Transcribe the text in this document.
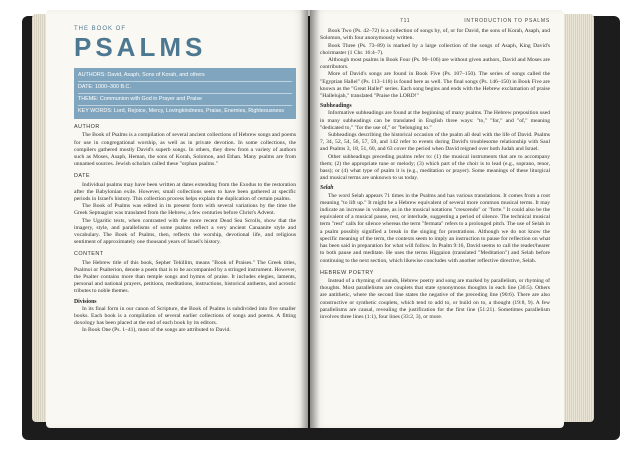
THE BOOK OF
PSALMS
AUTHORS: David, Asaph, Sons of Korah, and others
DATE: 1000–300 B.C.
THEME: Communion with God in Prayer and Praise
KEY WORDS: Lord, Rejoice, Mercy, Lovingkindness, Praise, Enemies, Righteousness
AUTHOR

The Book of Psalms is a compilation of several ancient collections of Hebrew songs and poems for use in congregational worship, as well as in private devotion. In some collections, the compilers gathered mostly David's superb songs. In others, they drew from a variety of authors such as Moses, Asaph, Heman, the sons of Korah, Solomon, and Ethan. Many psalms are from unnamed sources. Jewish scholars called these "orphan psalms."

DATE

Individual psalms may have been written at dates extending from the Exodus to the restoration after the Babylonian exile. However, small collections seem to have been gathered at specific periods in Israel's history. This collection process helps explain the duplication of certain psalms.

The Book of Psalms was edited in its present form with several variations by the time the Greek Septuagint was translated from the Hebrew, a few centuries before Christ's Advent.

The Ugaritic texts, when contrasted with the more recent Dead Sea Scrolls, show that the imagery, style, and parallelisms of some psalms reflect a very ancient Canaanite style and vocabulary. The Book of Psalms, then, reflects the worship, devotional life, and religious sentiment of approximately one thousand years of Israel's history.

CONTENT

The Hebrew title of this book, Sepher Tehillim, means "Book of Praises." The Greek titles, Psalmoi or Psalterion, denote a poem that is to be accompanied by a stringed instrument. However, the Psalter contains more than temple songs and hymns of praise. It includes elegies, laments, personal and national prayers, petitions, meditations, instructions, historical anthems, and acrostic tributes to noble themes.

Divisions

In its final form in our canon of Scripture, the Book of Psalms is subdivided into five smaller books. Each book is a compilation of several earlier collections of songs and poems. A fitting doxology has been placed at the end of each book by its editors.

In Book One (Ps. 1–41), most of the songs are attributed to David.

711	INTRODUCTION TO PSALMS

Book Two (Ps. 42–72) is a collection of songs by, of, or for David, the sons of Korah, Asaph, and Solomon, with four anonymously written.

Book Three (Ps. 73–89) is marked by a large collection of the songs of Asaph, King David's choirmaster (1 Chr. 16:4–7).

Although most psalms in Book Four (Ps. 90–106) are without given authors, David and Moses are contributors.

More of David's songs are found in Book Five (Ps. 107–150). The series of songs called the "Egyptian Hallel" (Ps. 113–118) is found here as well. The final songs (Ps. 146–150) in Book Five are known as the "Great Hallel" series. Each song begins and ends with the Hebrew exclamation of praise "Hallelujah," translated "Praise the LORD!"

Subheadings

Informative subheadings are found at the beginning of many psalms. The Hebrew preposition used in many subheadings can be translated in English three ways: "to," "for," and "of," meaning "dedicated to," "for the use of," or "belonging to."

Subheadings describing the historical occasion of the psalm all deal with the life of David. Psalms 7, 34, 52, 54, 56, 57, 59, and 142 refer to events during David's troublesome relationship with Saul and Psalms 3, 18, 51, 60, and 63 cover the period when David reigned over both Judah and Israel.

Other subheadings preceding psalms refer to: (1) the musical instruments that are to accompany them; (2) the appropriate tune or melody; (3) which part of the choir is to lead (e.g., soprano, tenor, bass); or (4) what type of psalm it is (e.g., meditation or prayer). Some meanings of these liturgical and musical terms are unknown to us today.

Selah

The word Selah appears 71 times in the Psalms and has various translations. It comes from a root meaning "to lift up." It might be a Hebrew equivalent of several more common musical terms. It may indicate an increase in volume, as in the musical notations "crescendo" or "forte." It could also be the equivalent of a musical pause, rest, or interlude, suggesting a period of silence. The technical musical term "rest" calls for silence whereas the term "fermata" refers to a prolonged pitch. The use of Selah in a psalm possibly signified a break in the singing for prostrations. Although we do not know the specific meaning of the term, the contexts seem to imply an instruction to pause for reflection on what has been said in preparation for what will follow. In Psalm 9:16, David seems to call the reader/hearer to both pause and meditate. He uses the terms Higgaion (translated "Meditation") and Selah before continuing to the next section, which likewise concludes with another reflective directive, Selah.

HEBREW POETRY

Instead of a rhyming of sounds, Hebrew poetry and song are marked by parallelism, or rhyming of thoughts. Most parallelisms are couplets that state synonymous thoughts in each line (36:5). Others are antithetic, where the second line states the negative of the preceding line (90:6). There are also constructive or synthetic couplets, which tend to add to, or build on to, a thought (19:8, 9). A few parallelisms are causal, revealing the justification for the first line (51:21). Sometimes parallelism involves three lines (1:1), four lines (33:2, 3), or more.
